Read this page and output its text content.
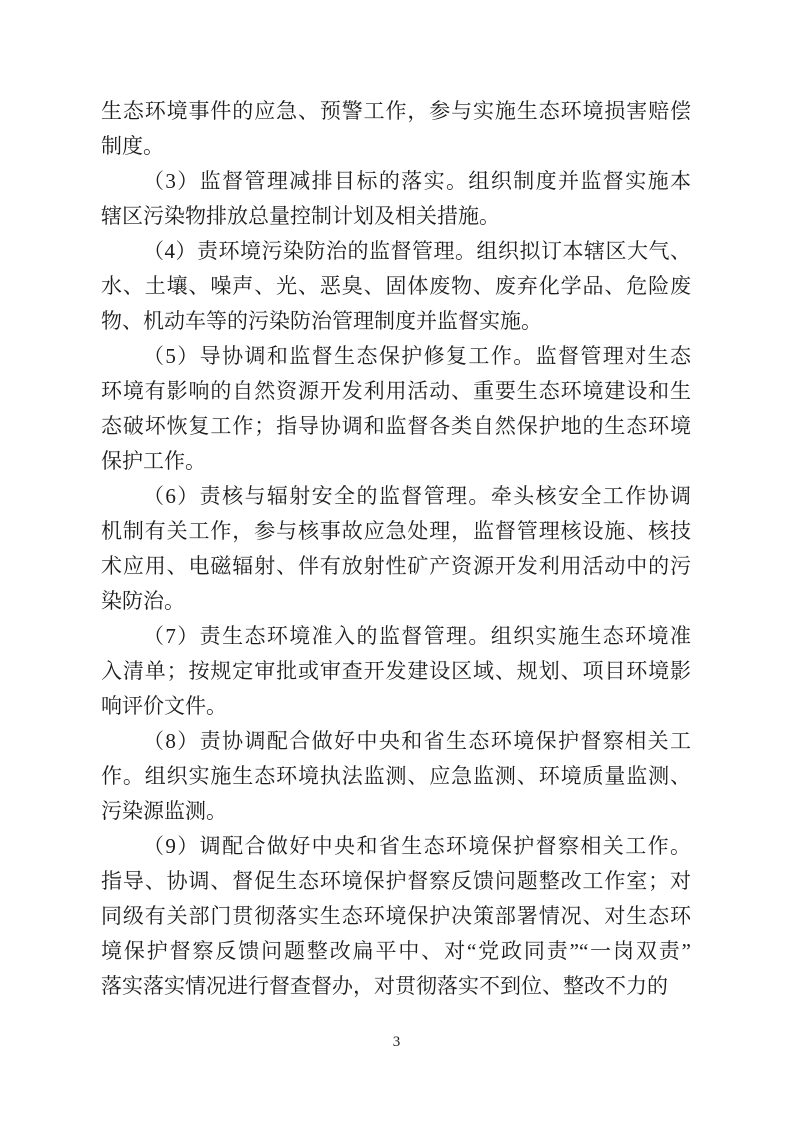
生态环境事件的应急、预警工作，参与实施生态环境损害赔偿
制度。
（3）监督管理减排目标的落实。组织制度并监督实施本
辖区污染物排放总量控制计划及相关措施。
（4）责环境污染防治的监督管理。组织拟订本辖区大气、
水、土壤、噪声、光、恶臭、固体废物、废弃化学品、危险废
物、机动车等的污染防治管理制度并监督实施。
（5）导协调和监督生态保护修复工作。监督管理对生态
环境有影响的自然资源开发利用活动、重要生态环境建设和生
态破坏恢复工作；指导协调和监督各类自然保护地的生态环境
保护工作。
（6）责核与辐射安全的监督管理。牵头核安全工作协调
机制有关工作，参与核事故应急处理，监督管理核设施、核技
术应用、电磁辐射、伴有放射性矿产资源开发利用活动中的污
染防治。
（7）责生态环境准入的监督管理。组织实施生态环境准
入清单；按规定审批或审查开发建设区域、规划、项目环境影
响评价文件。
（8）责协调配合做好中央和省生态环境保护督察相关工
作。组织实施生态环境执法监测、应急监测、环境质量监测、
污染源监测。
（9）调配合做好中央和省生态环境保护督察相关工作。
指导、协调、督促生态环境保护督察反馈问题整改工作室；对
同级有关部门贯彻落实生态环境保护决策部署情况、对生态环
境保护督察反馈问题整改扁平中、对“党政同责”“一岗双责”
落实落实情况进行督查督办，对贯彻落实不到位、整改不力的
3
